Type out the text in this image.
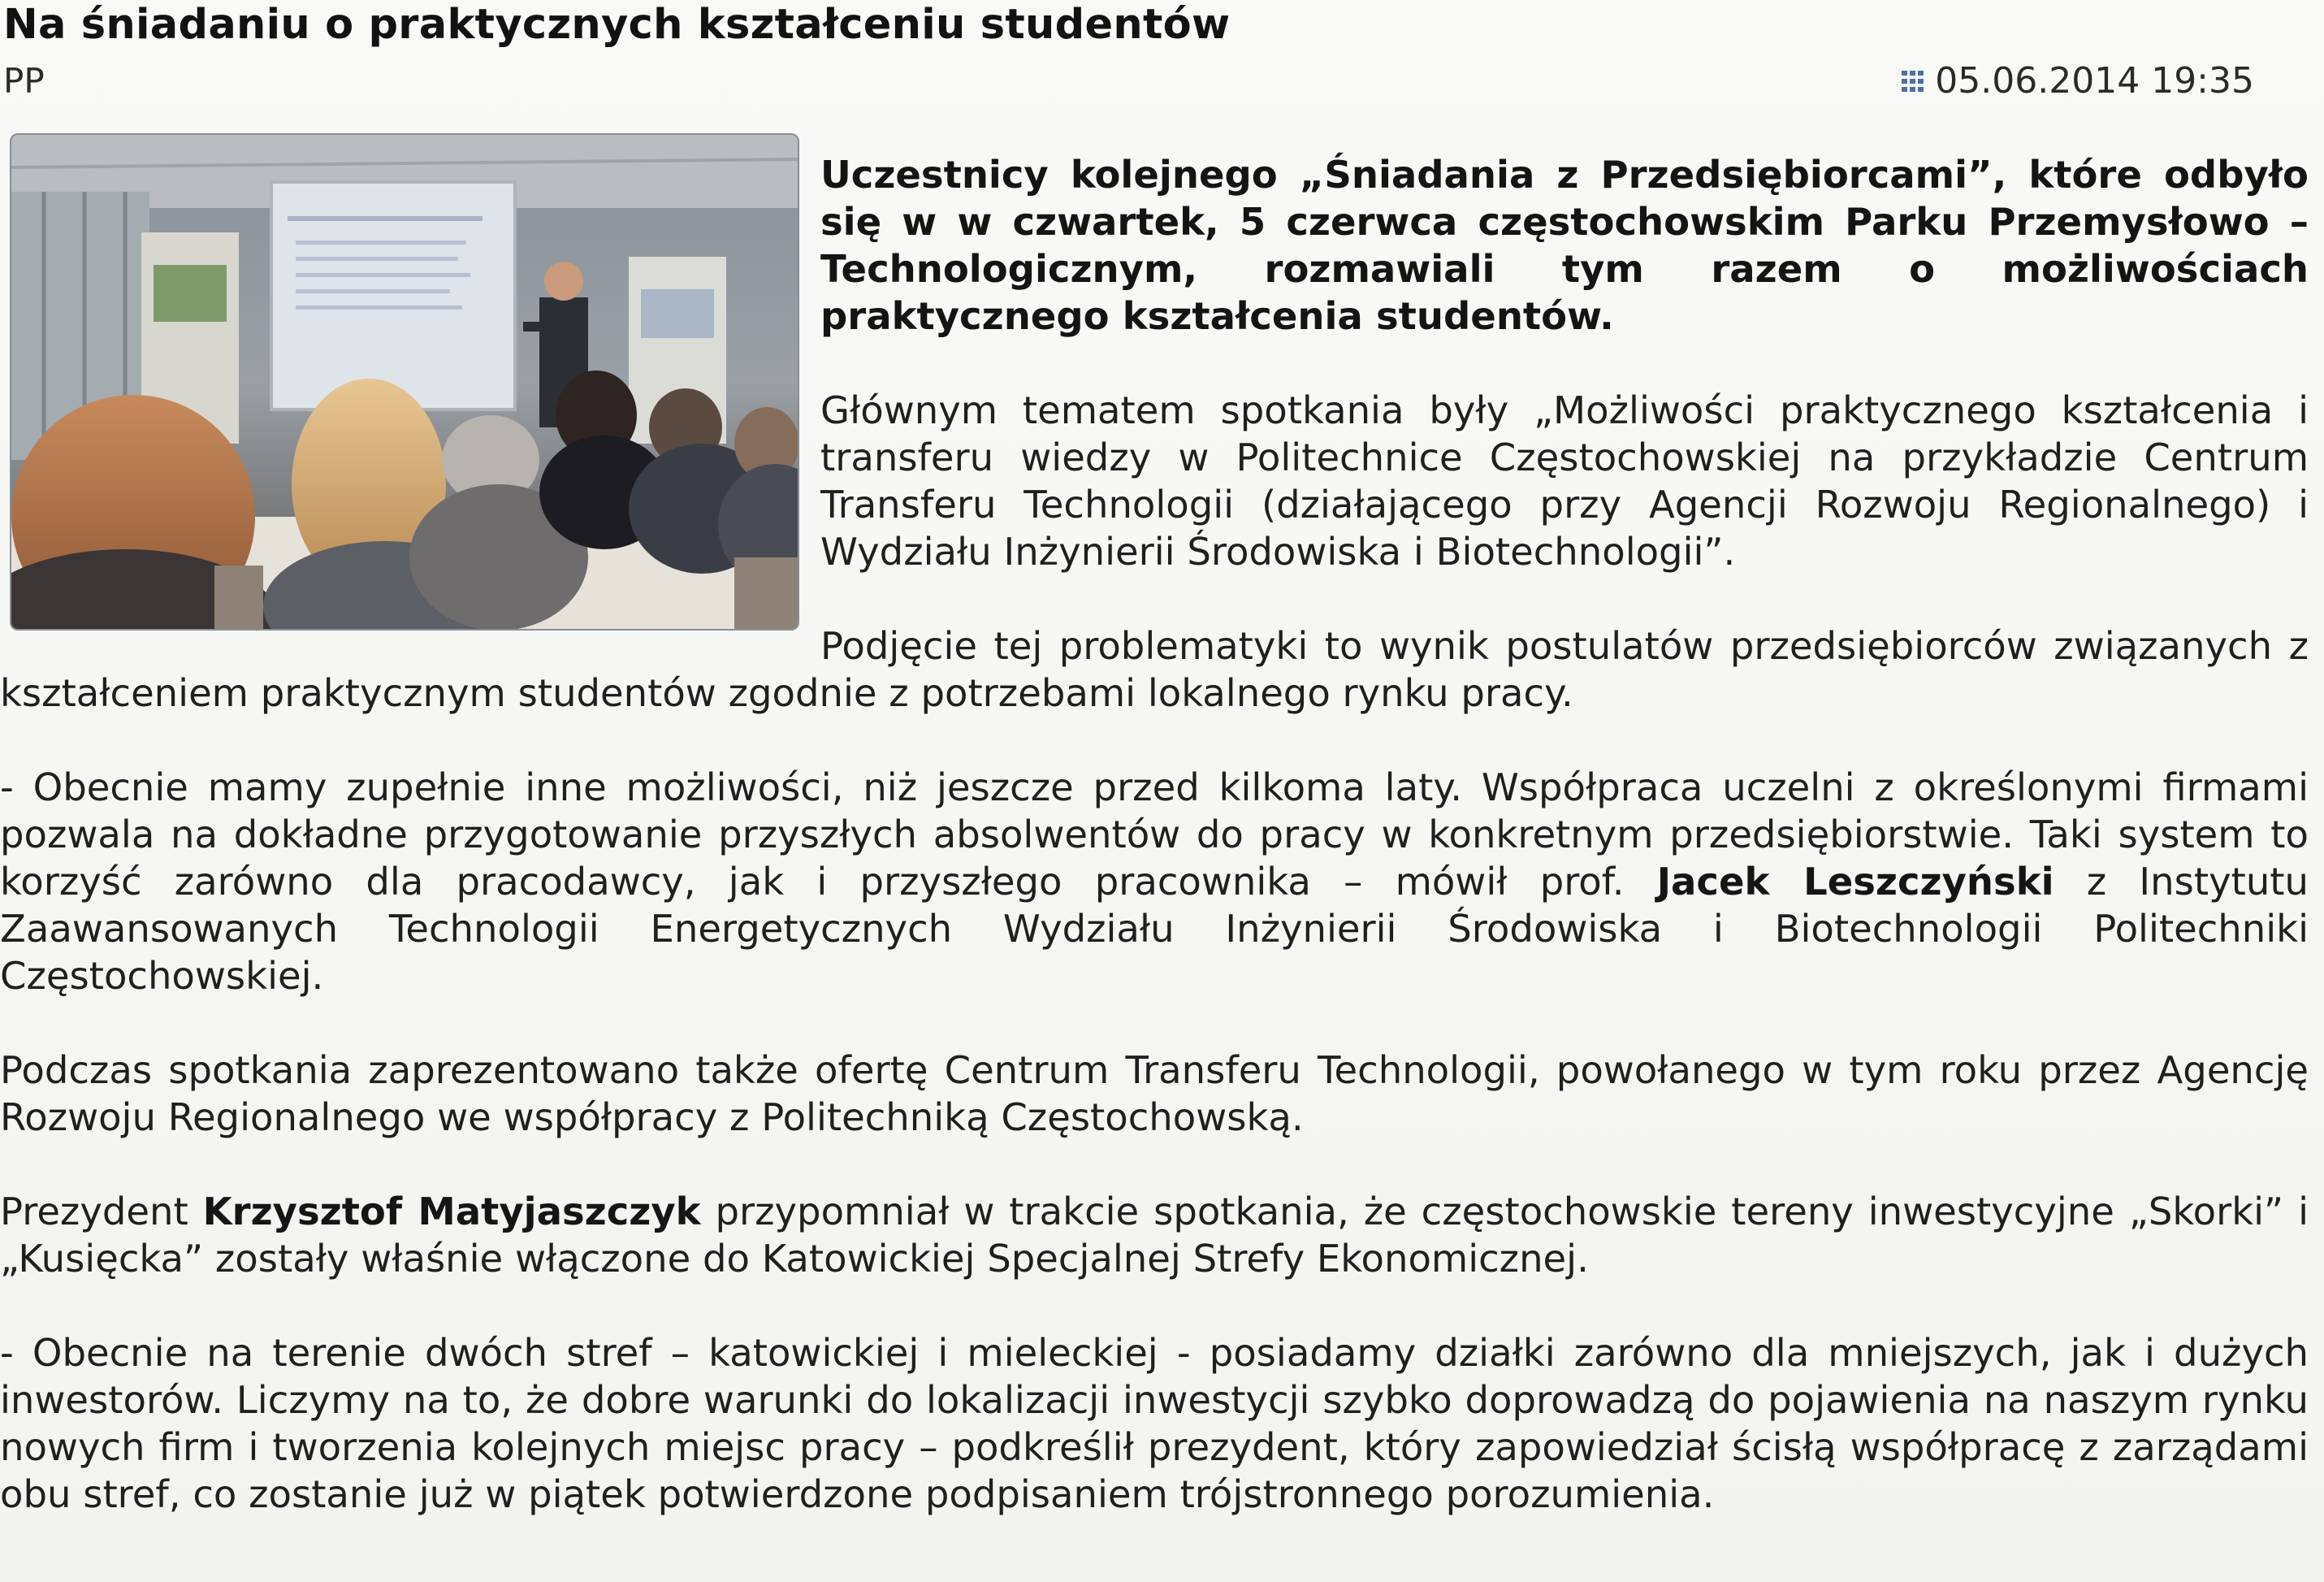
Na śniadaniu o praktycznych kształceniu studentów
PP	05.06.2014 19:35

Uczestnicy kolejnego „Śniadania z Przedsiębiorcami”, które odbyło się w w czwartek, 5 czerwca częstochowskim Parku Przemysłowo – Technologicznym, rozmawiali tym razem o możliwościach praktycznego kształcenia studentów.

Głównym tematem spotkania były „Możliwości praktycznego kształcenia i transferu wiedzy w Politechnice Częstochowskiej na przykładzie Centrum Transferu Technologii (działającego przy Agencji Rozwoju Regionalnego) i Wydziału Inżynierii Środowiska i Biotechnologii”.

Podjęcie tej problematyki to wynik postulatów przedsiębiorców związanych z kształceniem praktycznym studentów zgodnie z potrzebami lokalnego rynku pracy.

- Obecnie mamy zupełnie inne możliwości, niż jeszcze przed kilkoma laty. Współpraca uczelni z określonymi firmami pozwala na dokładne przygotowanie przyszłych absolwentów do pracy w konkretnym przedsiębiorstwie. Taki system to korzyść zarówno dla pracodawcy, jak i przyszłego pracownika – mówił prof. Jacek Leszczyński z Instytutu Zaawansowanych Technologii Energetycznych Wydziału Inżynierii Środowiska i Biotechnologii Politechniki Częstochowskiej.

Podczas spotkania zaprezentowano także ofertę Centrum Transferu Technologii, powołanego w tym roku przez Agencję Rozwoju Regionalnego we współpracy z Politechniką Częstochowską.

Prezydent Krzysztof Matyjaszczyk przypomniał w trakcie spotkania, że częstochowskie tereny inwestycyjne „Skorki” i „Kusięcka” zostały właśnie włączone do Katowickiej Specjalnej Strefy Ekonomicznej.

- Obecnie na terenie dwóch stref – katowickiej i mieleckiej - posiadamy działki zarówno dla mniejszych, jak i dużych inwestorów. Liczymy na to, że dobre warunki do lokalizacji inwestycji szybko doprowadzą do pojawienia na naszym rynku nowych firm i tworzenia kolejnych miejsc pracy – podkreślił prezydent, który zapowiedział ścisłą współpracę z zarządami obu stref, co zostanie już w piątek potwierdzone podpisaniem trójstronnego porozumienia.
